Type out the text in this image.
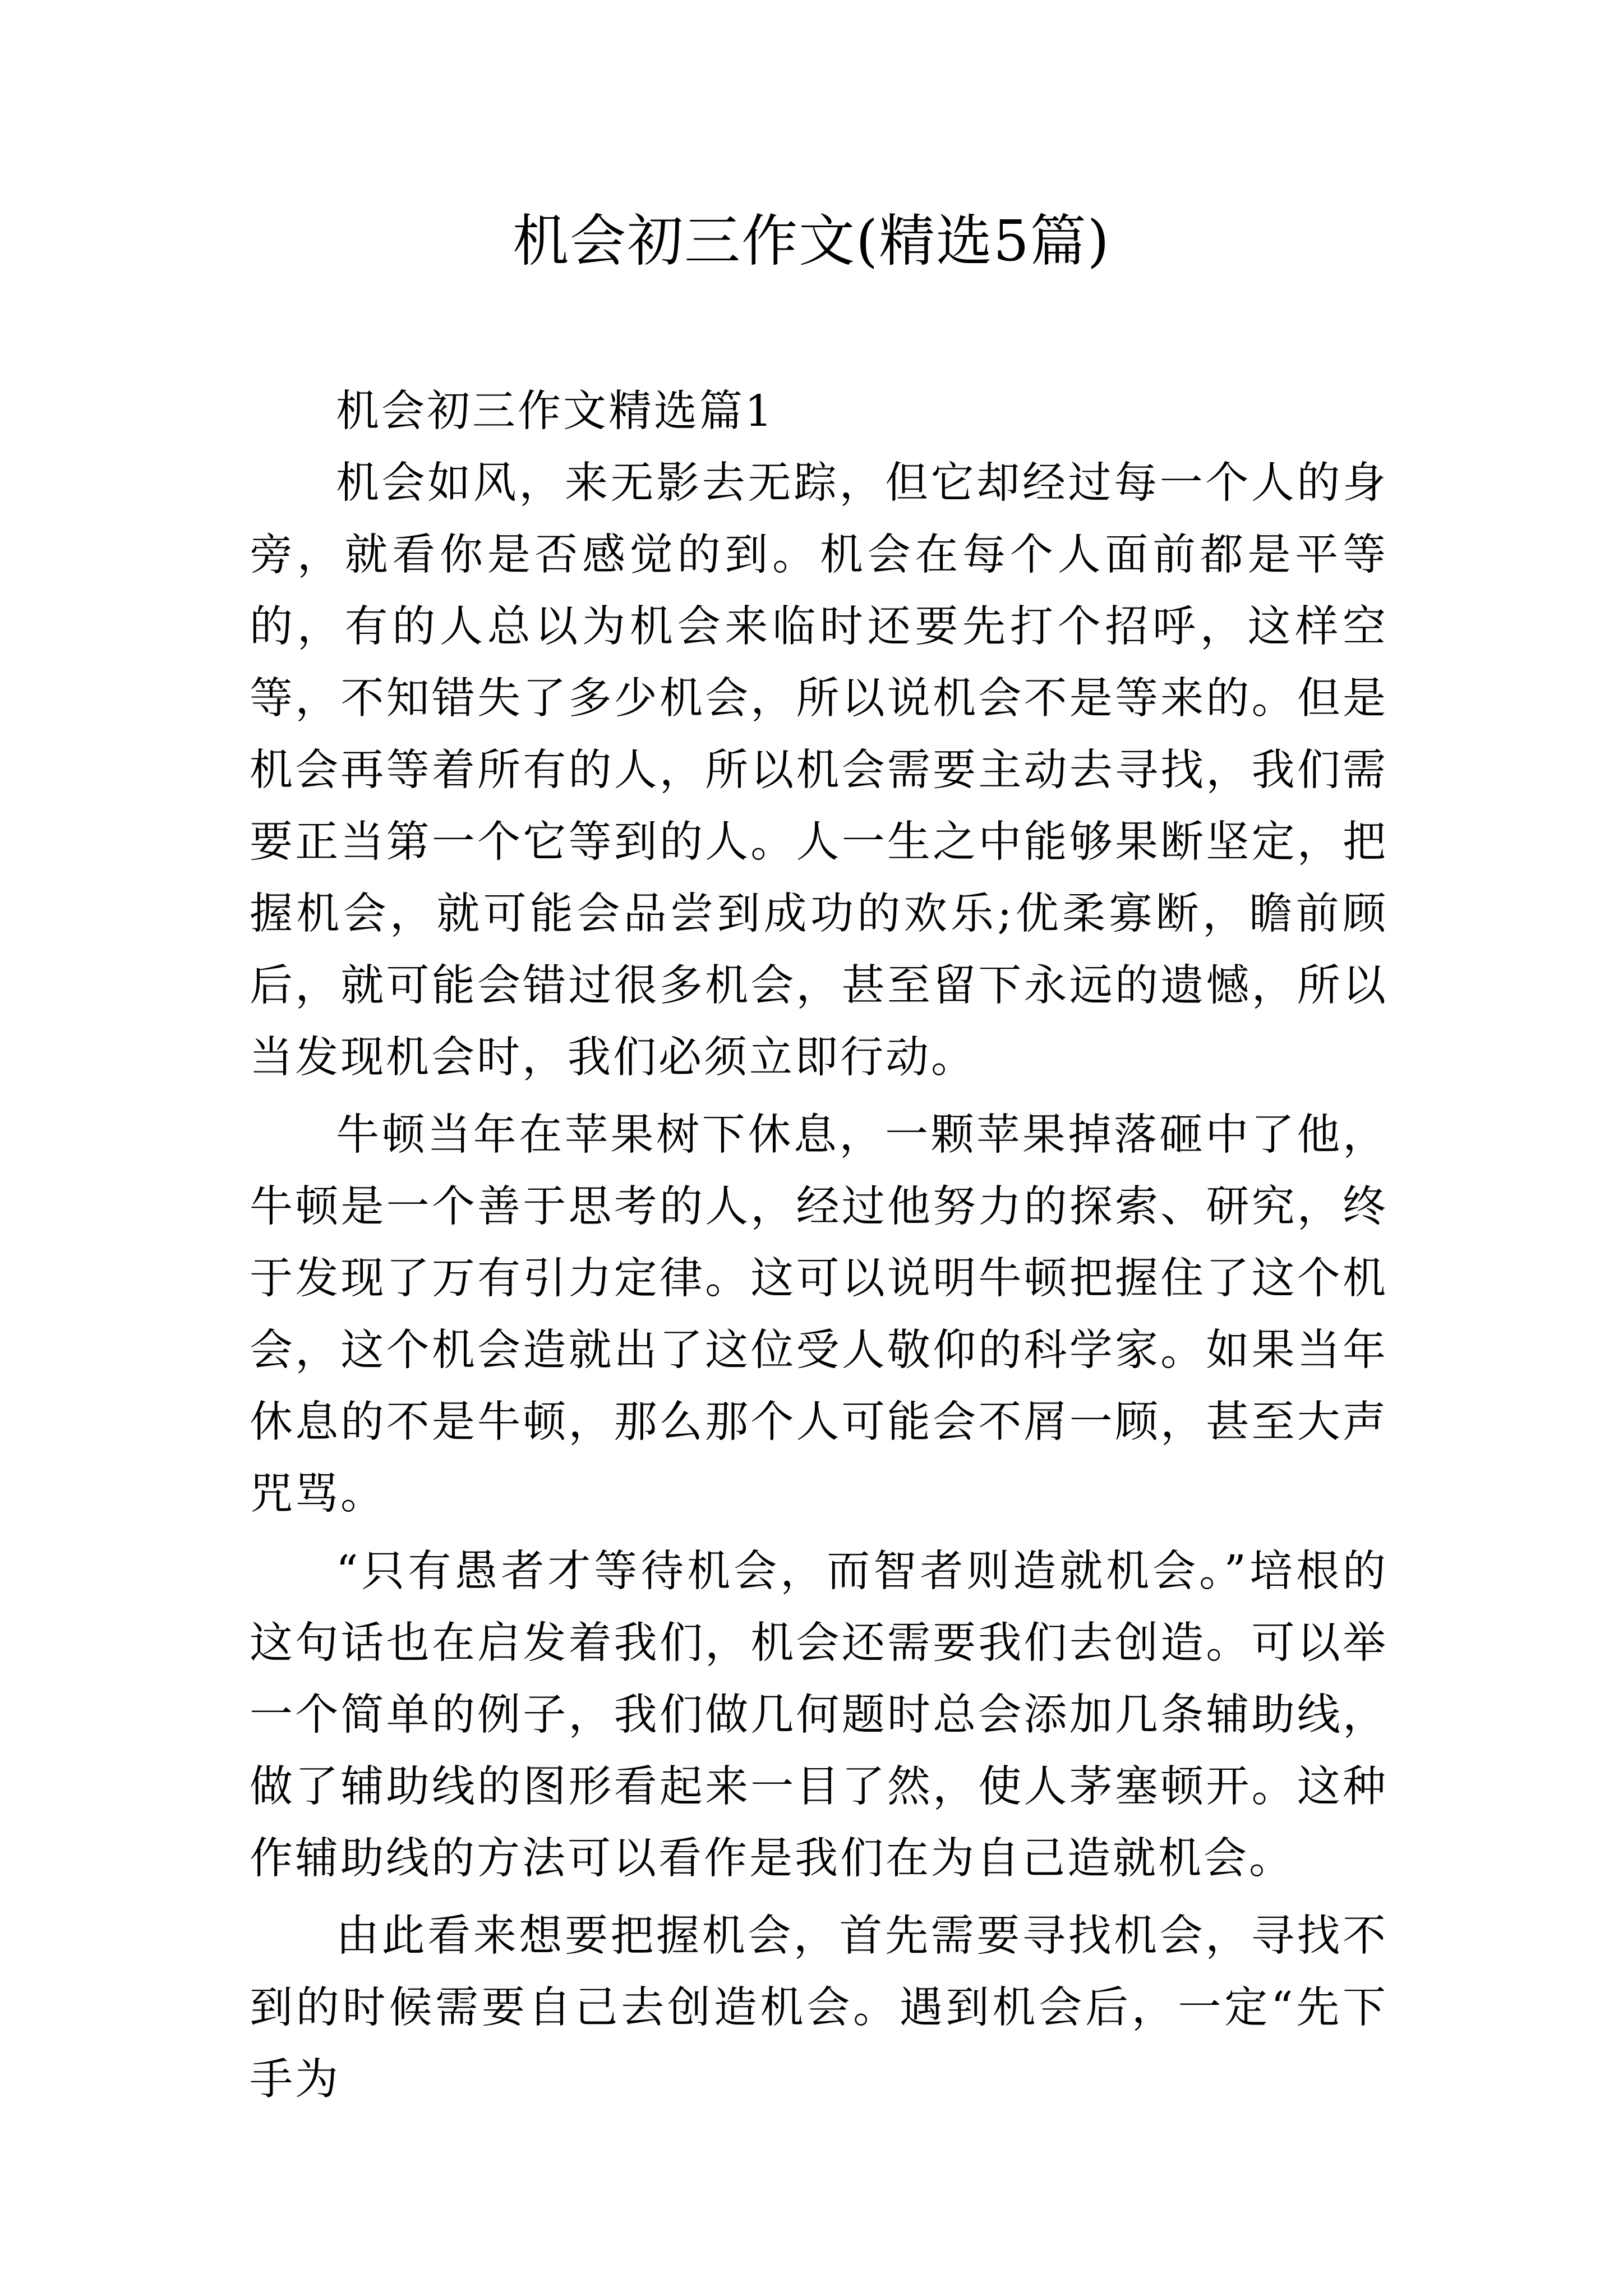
机会初三作文(精选5篇)

机会初三作文精选篇1

机会如风，来无影去无踪，但它却经过每一个人的身旁，就看你是否感觉的到。机会在每个人面前都是平等的，有的人总以为机会来临时还要先打个招呼，这样空等，不知错失了多少机会，所以说机会不是等来的。但是机会再等着所有的人，所以机会需要主动去寻找，我们需要正当第一个它等到的人。人一生之中能够果断坚定，把握机会，就可能会品尝到成功的欢乐;优柔寡断，瞻前顾后，就可能会错过很多机会，甚至留下永远的遗憾，所以当发现机会时，我们必须立即行动。

牛顿当年在苹果树下休息，一颗苹果掉落砸中了他，牛顿是一个善于思考的人，经过他努力的探索、研究，终于发现了万有引力定律。这可以说明牛顿把握住了这个机会，这个机会造就出了这位受人敬仰的科学家。如果当年休息的不是牛顿，那么那个人可能会不屑一顾，甚至大声咒骂。

“只有愚者才等待机会，而智者则造就机会。”培根的这句话也在启发着我们，机会还需要我们去创造。可以举一个简单的例子，我们做几何题时总会添加几条辅助线，做了辅助线的图形看起来一目了然，使人茅塞顿开。这种作辅助线的方法可以看作是我们在为自己造就机会。

由此看来想要把握机会，首先需要寻找机会，寻找不到的时候需要自己去创造机会。遇到机会后，一定“先下手为
